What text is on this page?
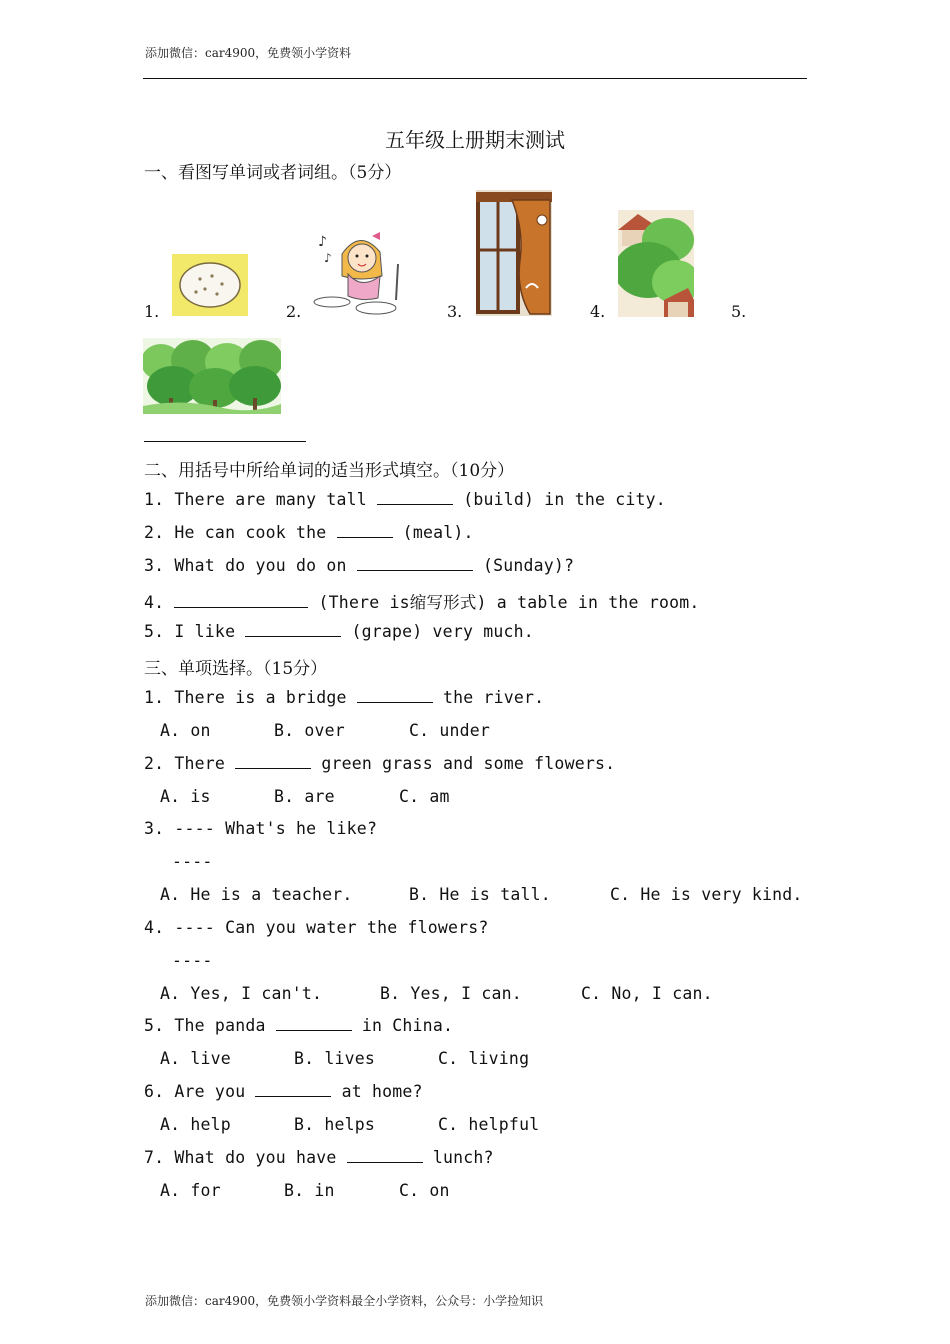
添加微信：car4900，免费领小学资料
五年级上册期末测试
一、看图写单词或者词组。（5分）
1.	2.
♪
♪
3.	4.	5.
二、用括号中所给单词的适当形式填空。（10分）
1. There are many tall	(build) in the city.
2. He can cook the	(meal).
3. What do you do on	(Sunday)?
4.	(There is缩写形式) a table in the room.
5. I like	(grape) very much.
三、单项选择。（15分）
1. There is a bridge	the river.
A. on	B. over	C. under
2. There	green grass and some flowers.
A. is	B. are	C. am
3. ---- What's he like?
----
A. He is a teacher.	B. He is tall.	C. He is very kind.
4. ---- Can you water the flowers?
----
A. Yes, I can't.	B. Yes, I can.	C. No, I can.
5. The panda	in China.
A. live	B. lives	C. living
6. Are you	at home?
A. help	B. helps	C. helpful
7. What do you have	lunch?
A. for	B. in	C. on
添加微信：car4900，免费领小学资料最全小学资料，公众号：小学捡知识
